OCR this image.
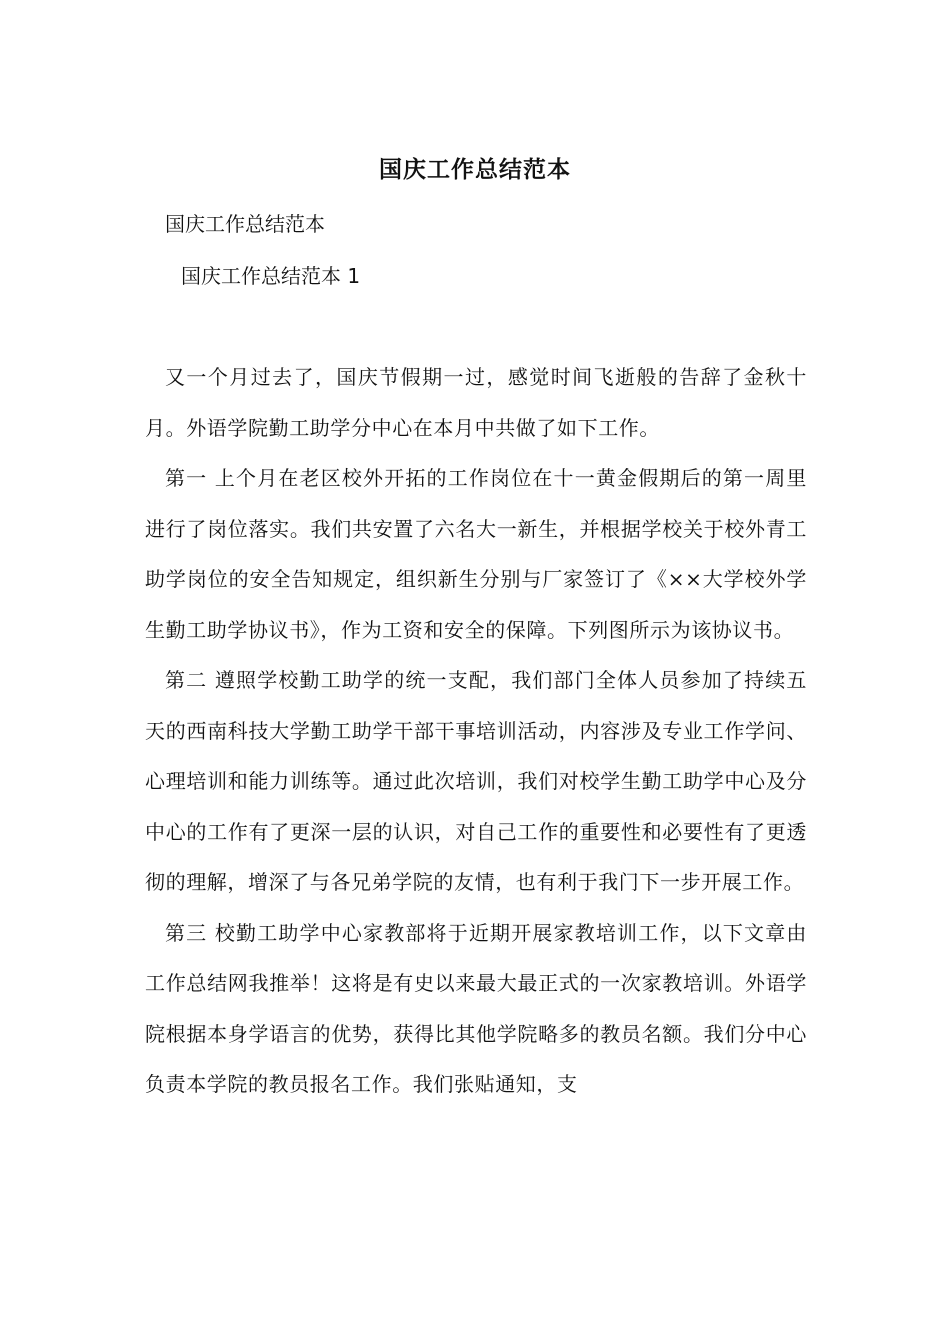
国庆工作总结范本
国庆工作总结范本
国庆工作总结范本 1

又一个月过去了，国庆节假期一过，感觉时间飞逝般的告辞了金秋十月。外语学院勤工助学分中心在本月中共做了如下工作。

第一 上个月在老区校外开拓的工作岗位在十一黄金假期后的第一周里进行了岗位落实。我们共安置了六名大一新生，并根据学校关于校外青工助学岗位的安全告知规定，组织新生分别与厂家签订了《××大学校外学生勤工助学协议书》，作为工资和安全的保障。下列图所示为该协议书。

第二 遵照学校勤工助学的统一支配，我们部门全体人员参加了持续五天的西南科技大学勤工助学干部干事培训活动，内容涉及专业工作学问、心理培训和能力训练等。通过此次培训，我们对校学生勤工助学中心及分中心的工作有了更深一层的认识，对自己工作的重要性和必要性有了更透彻的理解，增深了与各兄弟学院的友情，也有利于我门下一步开展工作。

第三 校勤工助学中心家教部将于近期开展家教培训工作，以下文章由工作总结网我推举！这将是有史以来最大最正式的一次家教培训。外语学院根据本身学语言的优势，获得比其他学院略多的教员名额。我们分中心负责本学院的教员报名工作。我们张贴通知，支
